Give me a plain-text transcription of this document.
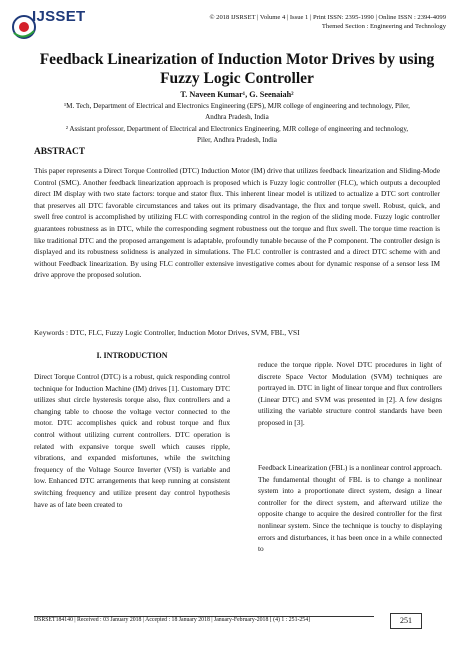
IJSSET	© 2018 IJSRSET | Volume 4 | Issue 1 | Print ISSN: 2395-1990 | Online ISSN : 2394-4099
Themed Section : Engineering and Technology
Feedback Linearization of Induction Motor Drives by using
Fuzzy Logic Controller
T. Naveen Kumar¹, G. Seenaiah²
¹M. Tech, Department of Electrical and Electronics Engineering (EPS), MJR college of engineering and technology, Piler,
Andhra Pradesh, India
² Assistant professor, Department of Electrical and Electronics Engineering, MJR college of engineering and technology,
Piler, Andhra Pradesh, India
ABSTRACT

This paper represents a Direct Torque Controlled (DTC) Induction Motor (IM) drive that utilizes feedback linearization and Sliding-Mode Control (SMC). Another feedback linearization approach is proposed which is Fuzzy logic controller (FLC), which outputs a decoupled direct IM display with two state factors: torque and stator flux. This inherent linear model is utilized to actualize a DTC sort controller that preserves all DTC favorable circumstances and takes out its primary disadvantage, the flux and torque swell. Robust, quick, and swell free control is accomplished by utilizing FLC with corresponding control in the region of the sliding mode. Fuzzy logic controller guarantees robustness as in DTC, while the corresponding segment robustness out the torque and flux swell. The torque time reaction is like traditional DTC and the proposed arrangement is adaptable, profoundly tunable because of the P component. The controller design is displayed and its robustness solidness is analyzed in simulations. The FLC controller is contrasted and a direct DTC scheme with and without Feedback linearization. By using FLC controller extensive investigative comes about for dynamic response of a sensor less IM drive approve the proposed solution.

Keywords : DTC, FLC, Fuzzy Logic Controller, Induction Motor Drives, SVM, FBL, VSI
I. INTRODUCTION

Direct Torque Control (DTC) is a robust, quick responding control technique for Induction Machine (IM) drives [1]. Customary DTC utilizes shut circle hysteresis torque also, flux controllers and a changing table to choose the voltage vector connected to the motor. DTC accomplishes quick and robust torque and flux control without utilizing current controllers. DTC operation is related with expansive torque swell which causes ripple, vibrations, and expanded misfortunes, while the switching frequency of the Voltage Source Inverter (VSI) is variable and low. Enhanced DTC arrangements that keep running at consistent switching frequency and utilize present day control hypothesis have as of late been created to

reduce the torque ripple. Novel DTC procedures in light of discrete Space Vector Modulation (SVM) techniques are portrayed in. DTC in light of linear torque and flux controllers (Linear DTC) and SVM was presented in [2]. A few designs utilizing the variable structure control standards have been proposed in [3].

Feedback Linearization (FBL) is a nonlinear control approach. The fundamental thought of FBL is to change a nonlinear system into a proportionate direct system, design a linear controller for the direct system, and afterward utilize the opposite change to acquire the desired controller for the first nonlinear system. Since the technique is touchy to displaying errors and disturbances, it has been once in a while connected to

IJSRSET184140 | Received : 03 January 2018 | Accepted : 18 January 2018 | January-February-2018 [ (4) 1 : 251-254]	251
